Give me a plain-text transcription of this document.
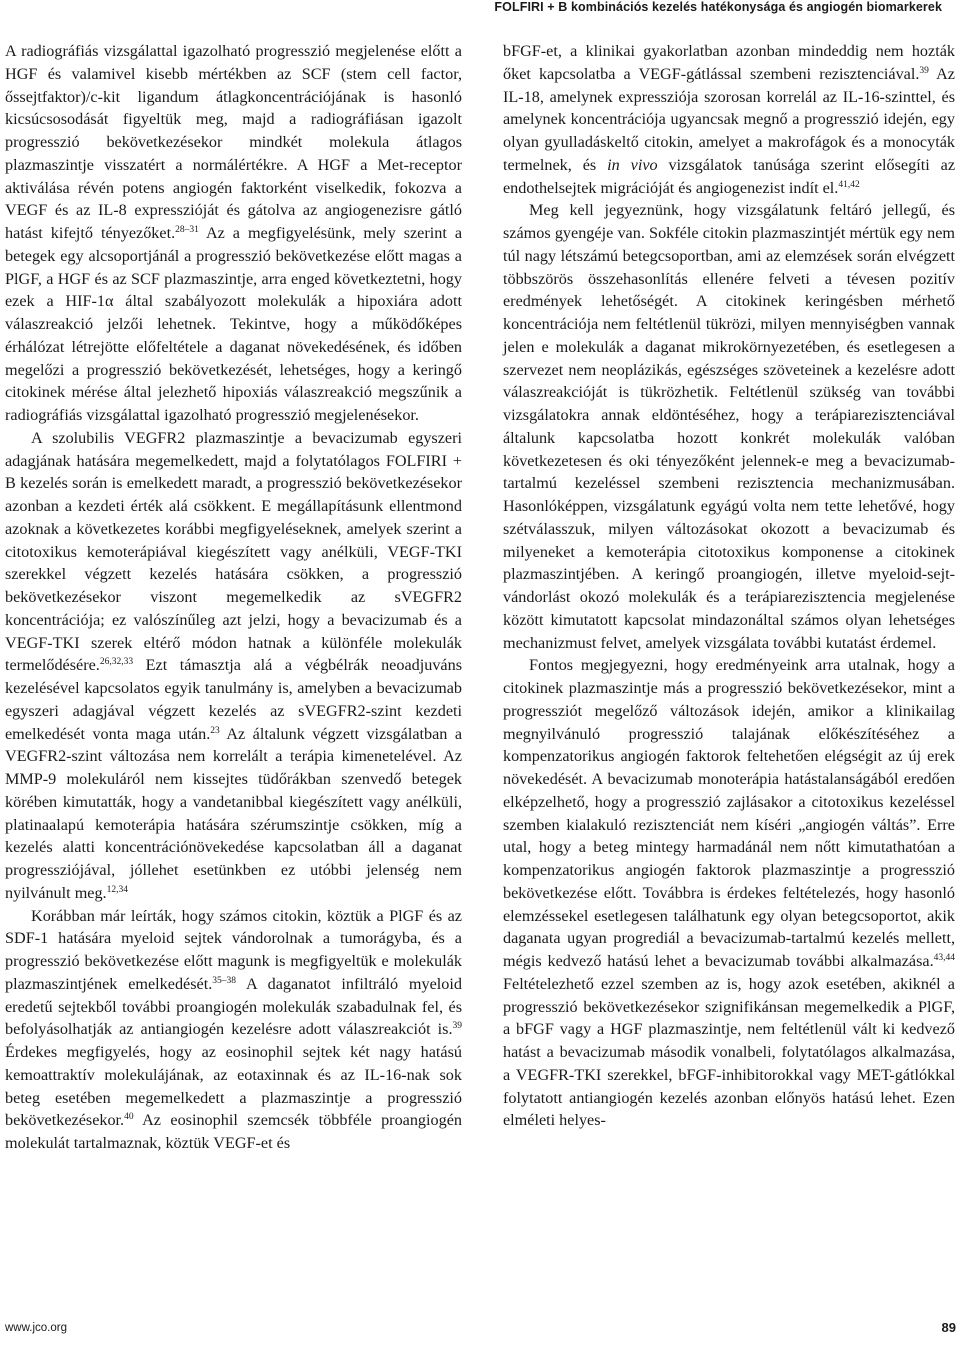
FOLFIRI + B kombinációs kezelés hatékonysága és angiogén biomarkerek

A radiográfiás vizsgálattal igazolható progresszió megjelenése előtt a HGF és valamivel kisebb mértékben az SCF (stem cell factor, őssejtfaktor)/c-kit ligandum átlagkoncentrációjának is hasonló kicsúcsosodását figyeltük meg, majd a radiográfiásan igazolt progresszió bekövetkezésekor mindkét molekula átlagos plazmaszintje visszatért a normálértékre. A HGF a Met-receptor aktiválása révén potens angiogén faktorként viselkedik, fokozva a VEGF és az IL-8 expresszióját és gátolva az angiogenezisre gátló hatást kifejtő tényezőket.$^{28-31}$ Az a megfigyelésünk, mely szerint a betegek egy alcsoportjánál a progresszió bekövetkezése előtt magas a PlGF, a HGF és az SCF plazmaszintje, arra enged következtetni, hogy ezek a HIF-1α által szabályozott molekulák a hipoxiára adott válaszreakció jelzői lehetnek. Tekintve, hogy a működőképes érhálózat létrejötte előfeltétele a daganat növekedésének, és időben megelőzi a progresszió bekövetkezését, lehetséges, hogy a keringő citokinek mérése által jelezhető hipoxiás válaszreakció megszűnik a radiográfiás vizsgálattal igazolható progresszió megjelenésekor.

A szolubilis VEGFR2 plazmaszintje a bevacizumab egyszeri adagjának hatására megemelkedett, majd a folytatólagos FOLFIRI + B kezelés során is emelkedett maradt, a progresszió bekövetkezésekor azonban a kezdeti érték alá csökkent. E megállapításunk ellentmond azoknak a következetes korábbi megfigyeléseknek, amelyek szerint a citotoxikus kemoterápiával kiegészített vagy anélküli, VEGF-TKI szerekkel végzett kezelés hatására csökken, a progresszió bekövetkezésekor viszont megemelkedik az sVEGFR2 koncentrációja; ez valószínűleg azt jelzi, hogy a bevacizumab és a VEGF-TKI szerek eltérő módon hatnak a különféle molekulák termelődésére.$^{26,32,33}$ Ezt támasztja alá a végbélrák neoadjuváns kezelésével kapcsolatos egyik tanulmány is, amelyben a bevacizumab egyszeri adagjával végzett kezelés az sVEGFR2-szint kezdeti emelkedését vonta maga után.$^{23}$ Az általunk végzett vizsgálatban a VEGFR2-szint változása nem korrelált a terápia kimenetelével. Az MMP-9 molekuláról nem kissejtes tüdőrákban szenvedő betegek körében kimutatták, hogy a vandetanibbal kiegészített vagy anélküli, platinaalapú kemoterápia hatására szérumszintje csökken, míg a kezelés alatti koncentrációnövekedése kapcsolatban áll a daganat progressziójával, jóllehet esetünkben ez utóbbi jelenség nem nyilvánult meg.$^{12,34}$

Korábban már leírták, hogy számos citokin, köztük a PlGF és az SDF-1 hatására myeloid sejtek vándorolnak a tumorágyba, és a progresszió bekövetkezése előtt magunk is megfigyeltük e molekulák plazmaszintjének emelkedését.$^{35-38}$ A daganatot infiltráló myeloid eredetű sejtekből további proangiogén molekulák szabadulnak fel, és befolyásolhatják az antiangiogén kezelésre adott válaszreakciót is.$^{39}$ Érdekes megfigyelés, hogy az eosinophil sejtek két nagy hatású kemoattraktív molekulájának, az eotaxinnak és az IL-16-nak sok beteg esetében megemelkedett a plazmaszintje a progresszió bekövetkezésekor.$^{40}$ Az eosinophil szemcsék többféle proangiogén molekulát tartalmaznak, köztük VEGF-et és

bFGF-et, a klinikai gyakorlatban azonban mindeddig nem hozták őket kapcsolatba a VEGF-gátlással szembeni rezisztenciával.$^{39}$ Az IL-18, amelynek expressziója szorosan korrelál az IL-16-szinttel, és amelynek koncentrációja ugyancsak megnő a progresszió idején, egy olyan gyulladáskeltő citokin, amelyet a makrofágok és a monocyták termelnek, és in vivo vizsgálatok tanúsága szerint elősegíti az endothelsejtek migrációját és angiogenezist indít el.$^{41,42}$

Meg kell jegyeznünk, hogy vizsgálatunk feltáró jellegű, és számos gyengéje van. Sokféle citokin plazmaszintjét mértük egy nem túl nagy létszámú betegcsoportban, ami az elemzések során elvégzett többszörös összehasonlítás ellenére felveti a tévesen pozitív eredmények lehetőségét. A citokinek keringésben mérhető koncentrációja nem feltétlenül tükrözi, milyen mennyiségben vannak jelen e molekulák a daganat mikrokörnyezetében, és esetlegesen a szervezet nem neoplázikás, egészséges szöveteinek a kezelésre adott válaszreakcióját is tükrözhetik. Feltétlenül szükség van további vizsgálatokra annak eldöntéséhez, hogy a terápiarezisztenciával általunk kapcsolatba hozott konkrét molekulák valóban következetesen és oki tényezőként jelennek-e meg a bevacizumab-tartalmú kezeléssel szembeni rezisztencia mechanizmusában. Hasonlóképpen, vizsgálatunk egyágú volta nem tette lehetővé, hogy szétválasszuk, milyen változásokat okozott a bevacizumab és milyeneket a kemoterápia citotoxikus komponense a citokinek plazmaszintjében. A keringő proangiogén, illetve myeloid-sejt-vándorlást okozó molekulák és a terápiarezisztencia megjelenése között kimutatott kapcsolat mindazonáltal számos olyan lehetséges mechanizmust felvet, amelyek vizsgálata további kutatást érdemel.

Fontos megjegyezni, hogy eredményeink arra utalnak, hogy a citokinek plazmaszintje más a progresszió bekövetkezésekor, mint a progressziót megelőző változások idején, amikor a klinikailag megnyilvánuló progresszió talajának előkészítéséhez a kompenzatorikus angiogén faktorok feltehetően elégségit az új erek növekedését. A bevacizumab monoterápia hatástalanságából eredően elképzelhető, hogy a progresszió zajlásakor a citotoxikus kezeléssel szemben kialakuló rezisztenciát nem kíséri „angiogén váltás”. Erre utal, hogy a beteg mintegy harmadánál nem nőtt kimutathatóan a kompenzatorikus angiogén faktorok plazmaszintje a progresszió bekövetkezése előtt. Továbbra is érdekes feltételezés, hogy hasonló elemzéssekel esetlegesen találhatunk egy olyan betegcsoportot, akik daganata ugyan progrediál a bevacizumab-tartalmú kezelés mellett, mégis kedvező hatású lehet a bevacizumab további alkalmazása.$^{43,44}$ Feltételezhető ezzel szemben az is, hogy azok esetében, akiknél a progresszió bekövetkezésekor szignifikánsan megemelkedik a PlGF, a bFGF vagy a HGF plazmaszintje, nem feltétlenül vált ki kedvező hatást a bevacizumab második vonalbeli, folytatólagos alkalmazása, a VEGFR-TKI szerekkel, bFGF-inhibitorokkal vagy MET-gátlókkal folytatott antiangiogén kezelés azonban előnyös hatású lehet. Ezen elméleti helyes-

www.jco.org	89
